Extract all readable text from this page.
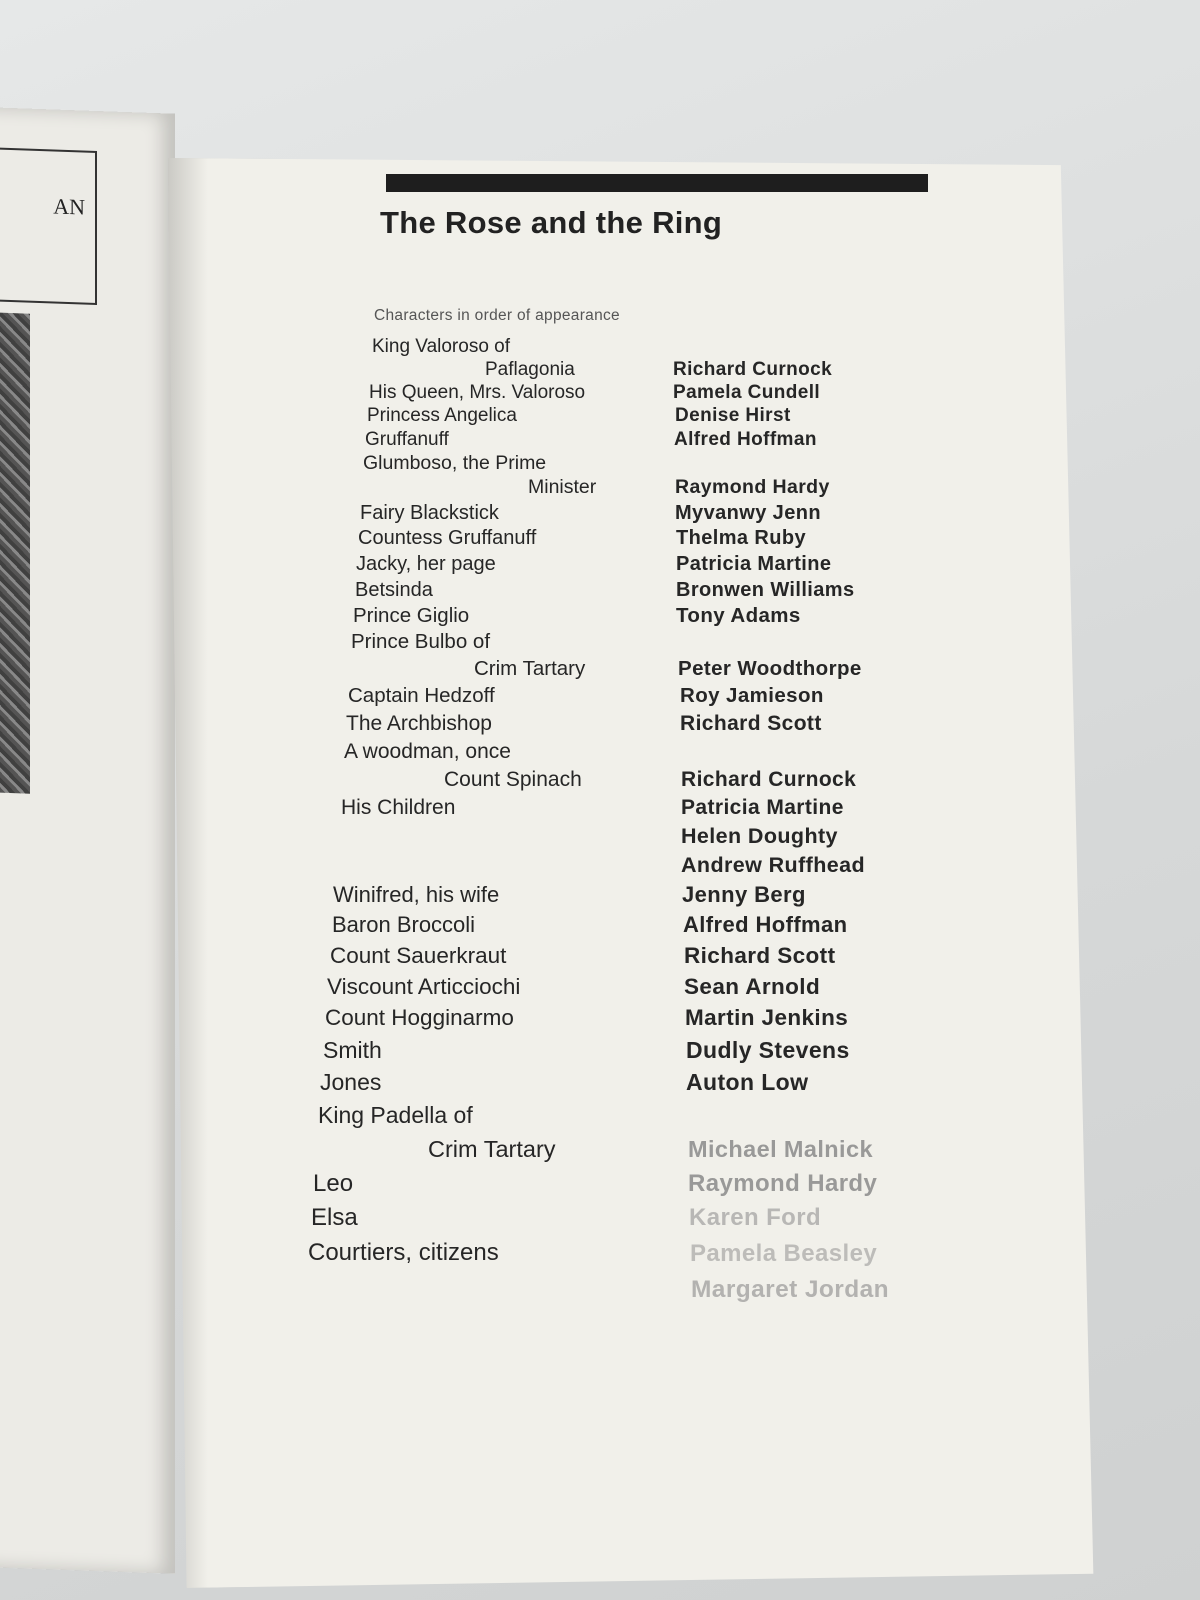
AN	The Rose and the Ring
Characters in order of appearance
King Valoroso of
Paflagonia
His Queen, Mrs. Valoroso
Princess Angelica
Gruffanuff
Glumboso, the Prime
Minister
Fairy Blackstick
Countess Gruffanuff
Jacky, her page
Betsinda
Prince Giglio
Prince Bulbo of
Crim Tartary
Captain Hedzoff
The Archbishop
A woodman, once
Count Spinach
His Children
Winifred, his wife
Baron Broccoli
Count Sauerkraut
Viscount Articciochi
Count Hogginarmo
Smith
Jones
King Padella of
Crim Tartary
Leo
Elsa
Courtiers, citizens
Richard Curnock
Pamela Cundell
Denise Hirst
Alfred Hoffman
Raymond Hardy
Myvanwy Jenn
Thelma Ruby
Patricia Martine
Bronwen Williams
Tony Adams
Peter Woodthorpe
Roy Jamieson
Richard Scott
Richard Curnock
Patricia Martine
Helen Doughty
Andrew Ruffhead
Jenny Berg
Alfred Hoffman
Richard Scott
Sean Arnold
Martin Jenkins
Dudly Stevens
Auton Low
Michael Malnick
Raymond Hardy
Karen Ford
Pamela Beasley
Margaret Jordan
